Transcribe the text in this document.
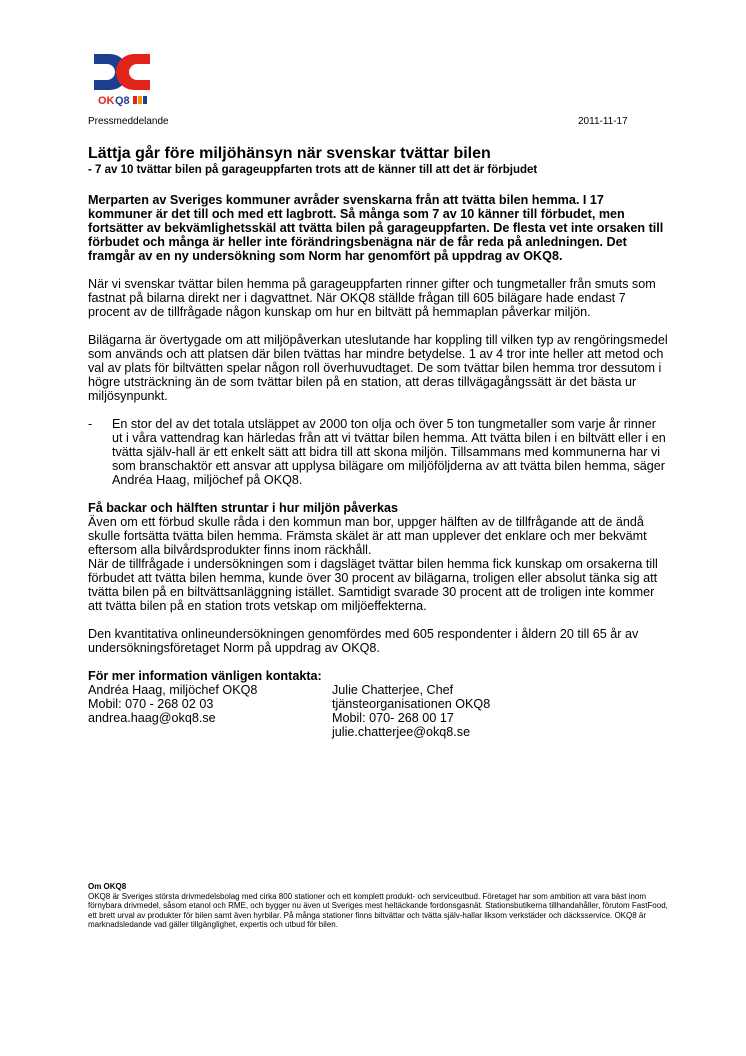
OK Q8
Pressmeddelande	2011-11-17
Lättja går före miljöhänsyn när svenskar tvättar bilen
- 7 av 10 tvättar bilen på garageuppfarten trots att de känner till att det är förbjudet

Merparten av Sveriges kommuner avråder svenskarna från att tvätta bilen hemma. I 17 kommuner är det till och med ett lagbrott. Så många som 7 av 10 känner till förbudet, men fortsätter av bekvämlighetsskäl att tvätta bilen på garageuppfarten. De flesta vet inte orsaken till förbudet och många är heller inte förändringsbenägna när de får reda på anledningen. Det framgår av en ny undersökning som Norm har genomfört på uppdrag av OKQ8.

När vi svenskar tvättar bilen hemma på garageuppfarten rinner gifter och tungmetaller från smuts som fastnat på bilarna direkt ner i dagvattnet. När OKQ8 ställde frågan till 605 bilägare hade endast 7 procent av de tillfrågade någon kunskap om hur en biltvätt på hemmaplan påverkar miljön.

Bilägarna är övertygade om att miljöpåverkan uteslutande har koppling till vilken typ av rengöringsmedel som används och att platsen där bilen tvättas har mindre betydelse. 1 av 4 tror inte heller att metod och val av plats för biltvätten spelar någon roll överhuvudtaget. De som tvättar bilen hemma tror dessutom i högre utsträckning än de som tvättar bilen på en station, att deras tillvägagångssätt är det bästa ur miljösynpunkt.

- En stor del av det totala utsläppet av 2000 ton olja och över 5 ton tungmetaller som varje år rinner ut i våra vattendrag kan härledas från att vi tvättar bilen hemma. Att tvätta bilen i en biltvätt eller i en tvätta själv-hall är ett enkelt sätt att bidra till att skona miljön. Tillsammans med kommunerna har vi som branschaktör ett ansvar att upplysa bilägare om miljöföljderna av att tvätta bilen hemma, säger Andréa Haag, miljöchef på OKQ8.
Få backar och hälften struntar i hur miljön påverkas
Även om ett förbud skulle råda i den kommun man bor, uppger hälften av de tillfrågande att de ändå skulle fortsätta tvätta bilen hemma. Främsta skälet är att man upplever det enklare och mer bekvämt eftersom alla bilvårdsprodukter finns inom räckhåll.
När de tillfrågade i undersökningen som i dagsläget tvättar bilen hemma fick kunskap om orsakerna till förbudet att tvätta bilen hemma, kunde över 30 procent av bilägarna, troligen eller absolut tänka sig att tvätta bilen på en biltvättsanläggning istället. Samtidigt svarade 30 procent att de troligen inte kommer att tvätta bilen på en station trots vetskap om miljöeffekterna.

Den kvantitativa onlineundersökningen genomfördes med 605 respondenter i åldern 20 till 65 år av undersökningsföretaget Norm på uppdrag av OKQ8.

För mer information vänligen kontakta:
Andréa Haag, miljöchef OKQ8
Mobil: 070 - 268 02 03
andrea.haag@okq8.se
Julie Chatterjee, Chef tjänsteorganisationen OKQ8
Mobil: 070- 268 00 17
julie.chatterjee@okq8.se
Om OKQ8
OKQ8 är Sveriges största drivmedelsbolag med cirka 800 stationer och ett komplett produkt- och serviceutbud. Företaget har som ambition att vara bäst inom förnybara drivmedel, såsom etanol och RME, och bygger nu även ut Sveriges mest heltäckande fordonsgasnät. Stationsbutikerna tillhandahåller, förutom FastFood, ett brett urval av produkter för bilen samt även hyrbilar. På många stationer finns biltvättar och tvätta själv-hallar liksom verkstäder och däcksservice. OKQ8 är marknadsledande vad gäller tillgänglighet, expertis och utbud för bilen.
